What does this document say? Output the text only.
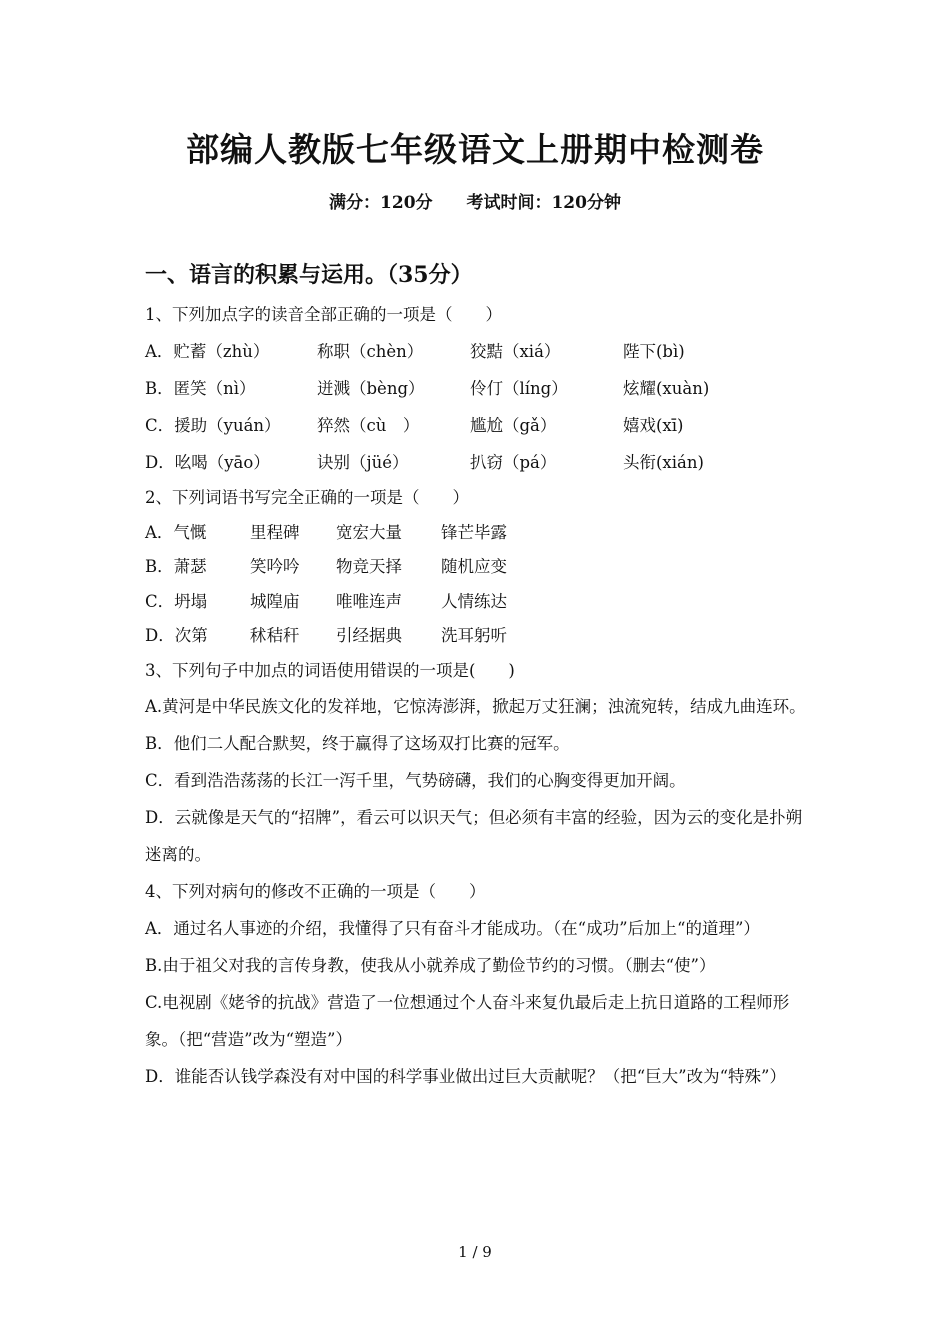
部编人教版七年级语文上册期中检测卷
满分：120分 考试时间：120分钟
一、语言的积累与运用。（35分）
1、下列加点字的读音全部正确的一项是（　　）
A．贮蓄（zhù）	称职（chèn）	狡黠（xiá）	陛下(bì)
B．匿笑（nì）	迸溅（bèng）	伶仃（líng）	炫耀(xuàn)
C．援助（yuán） 猝然（cù　）	尴尬（gǎ）	嬉戏(xī)
D．吆喝（yāo）	诀别（jüé）	扒窃（pá）	头衔(xián)
2、下列词语书写完全正确的一项是（　　）
A．气慨	里程碑 宽宏大量 锋芒毕露
B．萧瑟	笑吟吟 物竞天择 随机应变
C．坍塌	城隍庙 唯唯连声 人情练达
D．次第	秫秸秆 引经据典 洗耳躬听
3、下列句子中加点的词语使用错误的一项是(　　)
A.黄河是中华民族文化的发祥地，它惊涛澎湃，掀起万丈狂澜；浊流宛转，结成九曲连环。
B．他们二人配合默契，终于赢得了这场双打比赛的冠军。
C．看到浩浩荡荡的长江一泻千里，气势磅礴，我们的心胸变得更加开阔。
D．云就像是天气的“招牌”，看云可以识天气；但必须有丰富的经验，因为云的变化是扑朔迷离的。
4、下列对病句的修改不正确的一项是（　　）
A．通过名人事迹的介绍，我懂得了只有奋斗才能成功。（在“成功”后加上“的道理”）
B.由于祖父对我的言传身教，使我从小就养成了勤俭节约的习惯。（删去“使”）
C.电视剧《姥爷的抗战》营造了一位想通过个人奋斗来复仇最后走上抗日道路的工程师形象。（把“营造”改为“塑造”）
D．谁能否认钱学森没有对中国的科学事业做出过巨大贡献呢？（把“巨大”改为“特殊”）
1 / 9
